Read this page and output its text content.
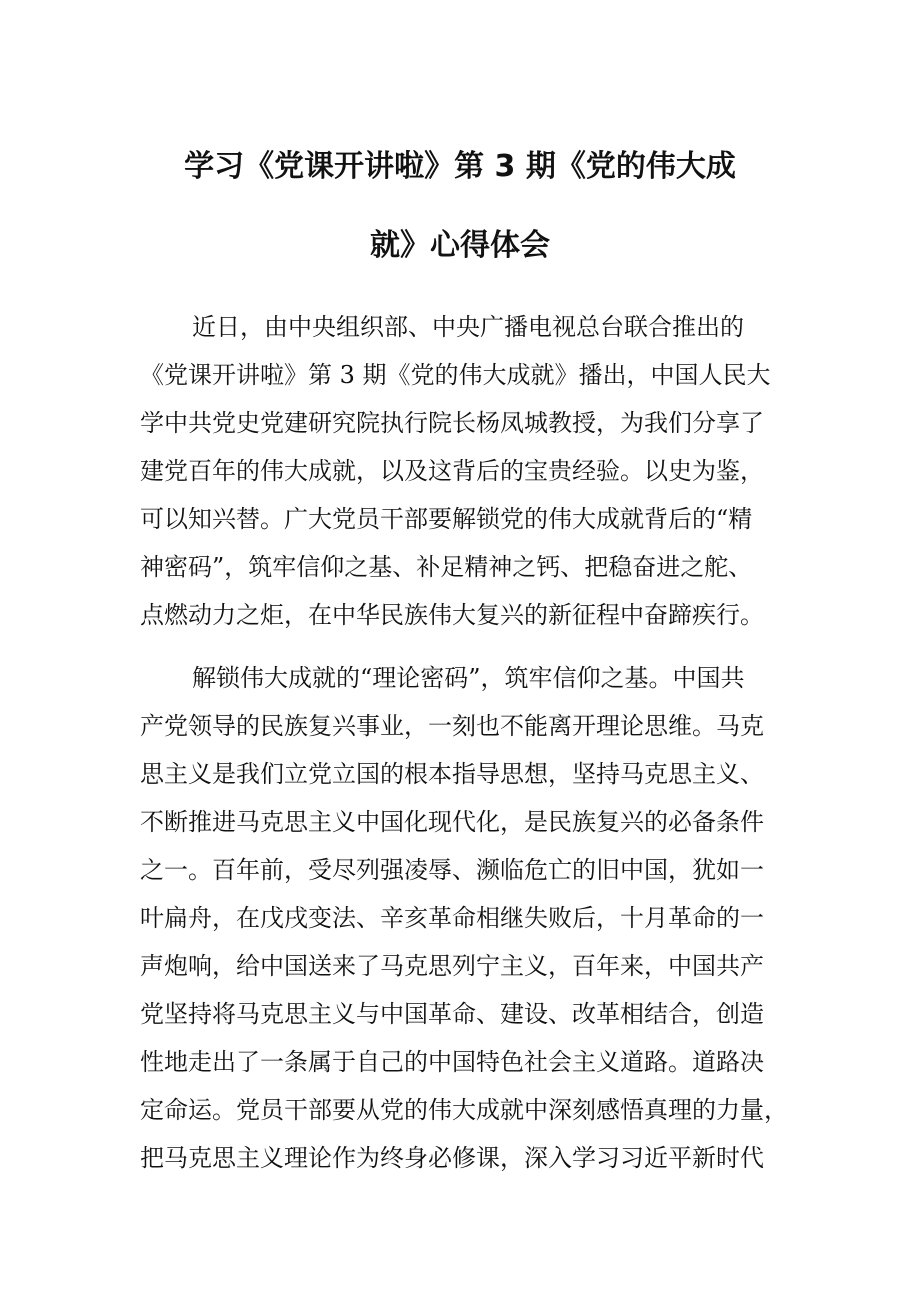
学习《党课开讲啦》第 3 期《党的伟大成
就》心得体会

近日，由中央组织部、中央广播电视总台联合推出的

《党课开讲啦》第 3 期《党的伟大成就》播出，中国人民大

学中共党史党建研究院执行院长杨凤城教授，为我们分享了

建党百年的伟大成就，以及这背后的宝贵经验。以史为鉴，

可以知兴替。广大党员干部要解锁党的伟大成就背后的“精

神密码”，筑牢信仰之基、补足精神之钙、把稳奋进之舵、

点燃动力之炬，在中华民族伟大复兴的新征程中奋蹄疾行。

解锁伟大成就的“理论密码”，筑牢信仰之基。中国共

产党领导的民族复兴事业，一刻也不能离开理论思维。马克

思主义是我们立党立国的根本指导思想，坚持马克思主义、

不断推进马克思主义中国化现代化，是民族复兴的必备条件

之一。百年前，受尽列强凌辱、濒临危亡的旧中国，犹如一

叶扁舟，在戊戌变法、辛亥革命相继失败后，十月革命的一

声炮响，给中国送来了马克思列宁主义，百年来，中国共产

党坚持将马克思主义与中国革命、建设、改革相结合，创造

性地走出了一条属于自己的中国特色社会主义道路。道路决

定命运。党员干部要从党的伟大成就中深刻感悟真理的力量，

把马克思主义理论作为终身必修课，深入学习习近平新时代
